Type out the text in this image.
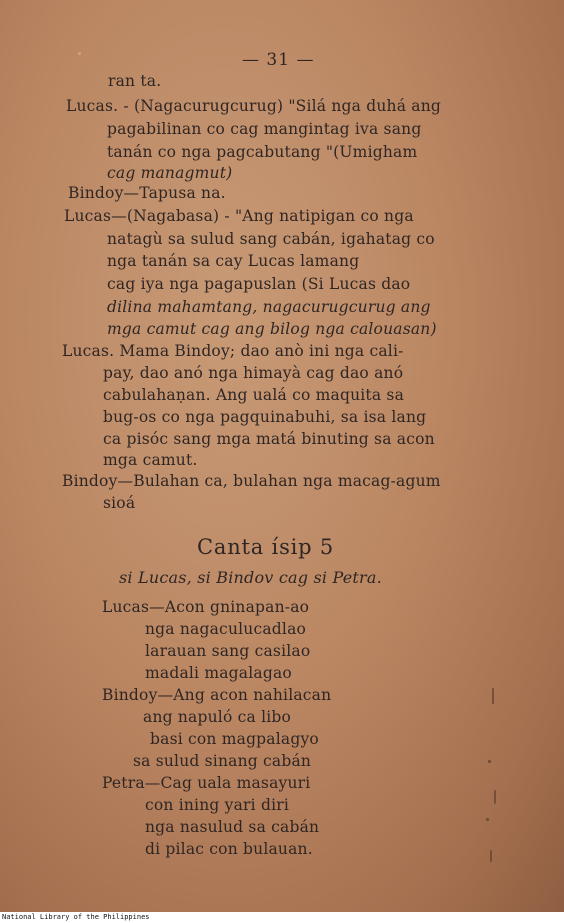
— 31 —
ran ta.
Lucas. - (Nagacurugcurug) "Silá nga duhá ang
pagabilinan co cag mangintag iva sang
tanán co nga pagcabutang "(Umigham
cag managmut)
Bindoy—Tapusa na.
Lucas—(Nagabasa) - "Ang natipigan co nga
natagù sa sulud sang cabán, igahatag co
nga tanán sa cay Lucas lamang
cag iya nga pagapuslan (Si Lucas dao
dilina mahamtang, nagacurugcurug ang
mga camut cag ang bilog nga calouasan)
Lucas. Mama Bindoy; dao anò ini nga cali-
pay, dao anó nga himayà cag dao anó
cabulahaṇan. Ang ualá co maquita sa
bug-os co nga pagquinabuhi, sa isa lang
ca pisóc sang mga matá binuting sa acon
mga camut.
Bindoy—Bulahan ca, bulahan nga macag-agum
sioá
Canta ísip 5
si Lucas, si Bindov cag si Petra.
Lucas—Acon gninapan-ao
nga nagaculucadlao
larauan sang casilao
madali magalagao
Bindoy—Ang acon nahilacan
ang napuló ca libo
basi con magpalagyo
sa sulud sinang cabán
Petra—Cag uala masayuri
con ining yari diri
nga nasulud sa cabán
di pilac con bulauan.
National Library of the Philippines
